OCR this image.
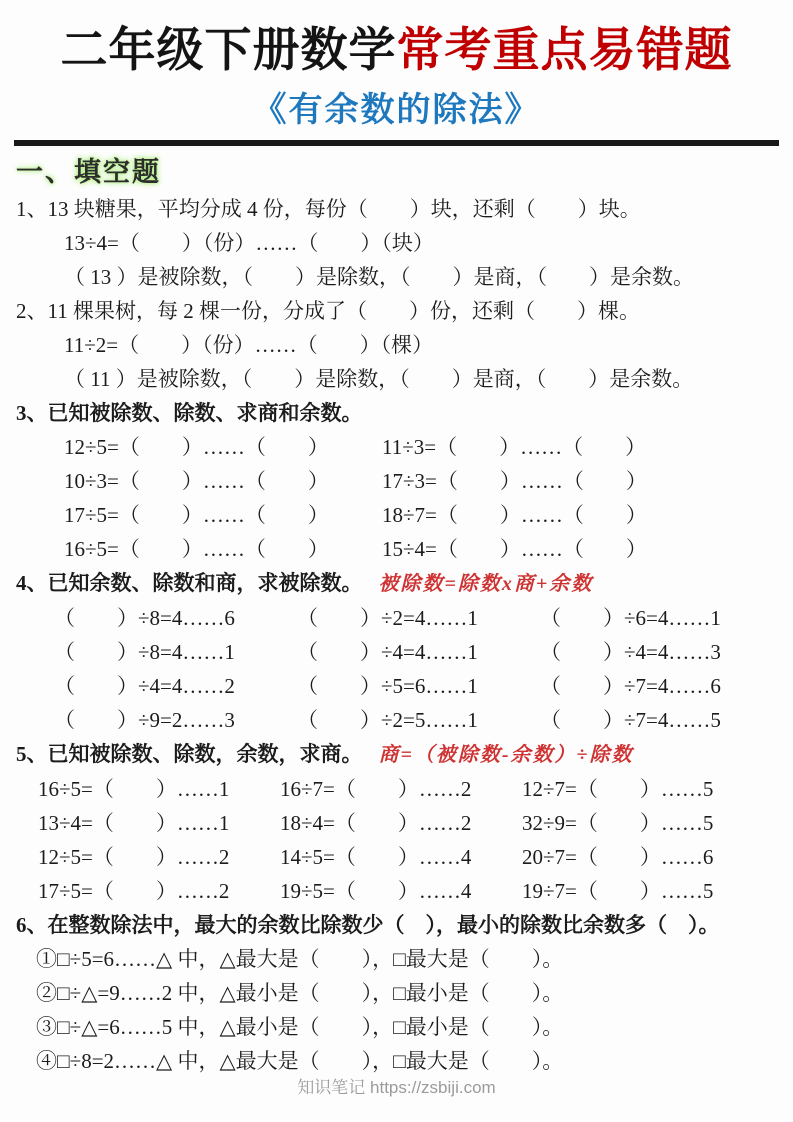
二年级下册数学常考重点易错题
《有余数的除法》
一、填空题
1、13 块糖果，平均分成 4 份，每份（　　）块，还剩（　　）块。
13÷4=（　　）（份）……（　　）（块）
（ 13 ）是被除数，（　　）是除数，（　　）是商，（　　）是余数。
2、11 棵果树，每 2 棵一份，分成了（　　）份，还剩（　　）棵。
11÷2=（　　）（份）……（　　）（棵）
（ 11 ）是被除数，（　　）是除数，（　　）是商，（　　）是余数。
3、已知被除数、除数、求商和余数。
12÷5=（　　）……（　　）	11÷3=（　　）……（　　）
10÷3=（　　）……（　　）	17÷3=（　　）……（　　）
17÷5=（　　）……（　　）	18÷7=（　　）……（　　）
16÷5=（　　）……（　　）	15÷4=（　　）……（　　）
4、已知余数、除数和商，求被除数。 被除数=除数x商+余数
（　　）÷8=4……6	（　　）÷2=4……1	（　　）÷6=4……1
（　　）÷8=4……1	（　　）÷4=4……1	（　　）÷4=4……3
（　　）÷4=4……2	（　　）÷5=6……1	（　　）÷7=4……6
（　　）÷9=2……3	（　　）÷2=5……1	（　　）÷7=4……5
5、已知被除数、除数，余数，求商。 商=（被除数-余数）÷除数
16÷5=（　　）……1 16÷7=（　　）……2 12÷7=（　　）……5
13÷4=（　　）……1 18÷4=（　　）……2 32÷9=（　　）……5
12÷5=（　　）……2 14÷5=（　　）……4 20÷7=（　　）……6
17÷5=（　　）……2 19÷5=（　　）……4 19÷7=（　　）……5
6、在整数除法中，最大的余数比除数少（　），最小的除数比余数多（　）。
①□÷5=6……△ 中，△最大是（　　），□最大是（　　）。
②□÷△=9……2 中，△最小是（　　），□最小是（　　）。
③□÷△=6……5 中，△最小是（　　），□最小是（　　）。
④□÷8=2……△ 中，△最大是（　　），□最大是（　　）。
知识笔记 https://zsbiji.com
